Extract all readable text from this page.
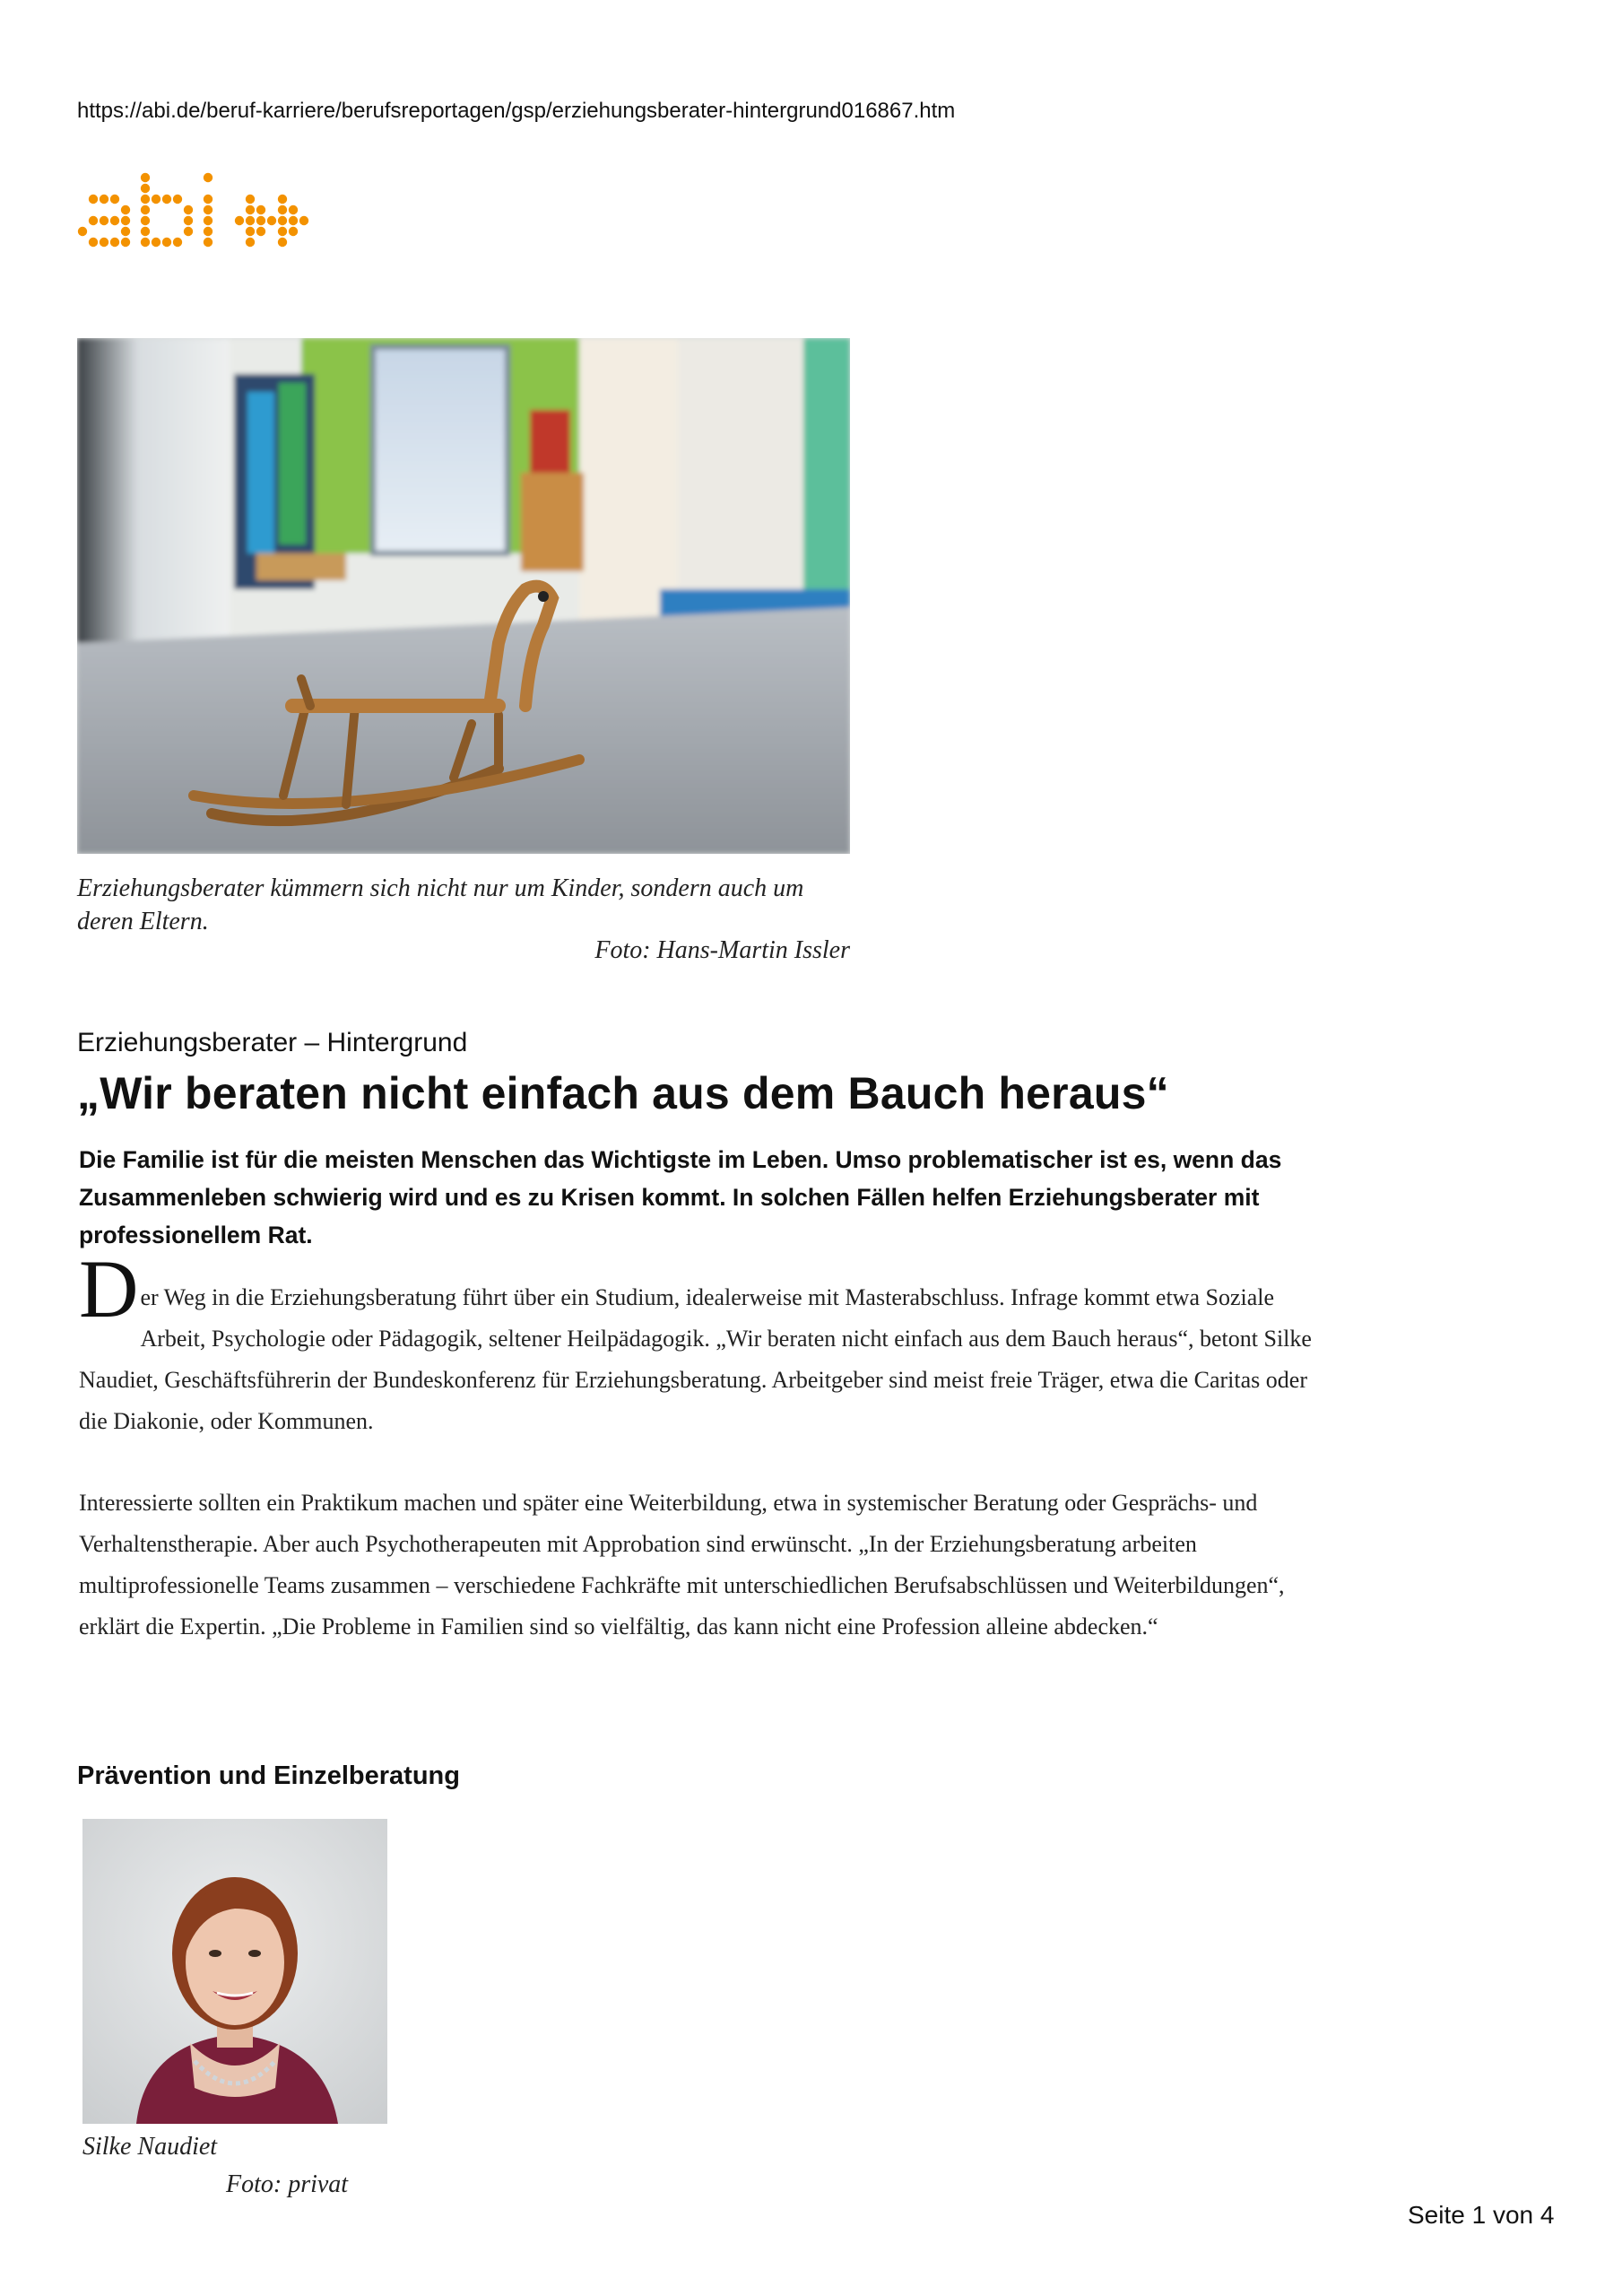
https://abi.de/beruf-karriere/berufsreportagen/gsp/erziehungsberater-hintergrund016867.htm
Erziehungsberater kümmern sich nicht nur um Kinder, sondern auch um deren Eltern.
Foto: Hans-Martin Issler
Erziehungsberater – Hintergrund
„Wir beraten nicht einfach aus dem Bauch heraus“
Die Familie ist für die meisten Menschen das Wichtigste im Leben. Umso problematischer ist es, wenn das Zusammenleben schwierig wird und es zu Krisen kommt. In solchen Fällen helfen Erziehungsberater mit professionellem Rat.
D er Weg in die Erziehungsberatung führt über ein Studium, idealerweise mit Masterabschluss. Infrage kommt etwa Soziale Arbeit, Psychologie oder Pädagogik, seltener Heilpädagogik. „Wir beraten nicht einfach aus dem Bauch heraus“, betont Silke Naudiet, Geschäftsführerin der Bundeskonferenz für Erziehungsberatung. Arbeitgeber sind meist freie Träger, etwa die Caritas oder die Diakonie, oder Kommunen.
Interessierte sollten ein Praktikum machen und später eine Weiterbildung, etwa in systemischer Beratung oder Gesprächs- und Verhaltenstherapie. Aber auch Psychotherapeuten mit Approbation sind erwünscht. „In der Erziehungsberatung arbeiten multiprofessionelle Teams zusammen – verschiedene Fachkräfte mit unterschiedlichen Berufsabschlüssen und Weiterbildungen“, erklärt die Expertin. „Die Probleme in Familien sind so vielfältig, das kann nicht eine Profession alleine abdecken.“
Prävention und Einzelberatung
Silke Naudiet
Foto: privat
Seite 1 von 4
